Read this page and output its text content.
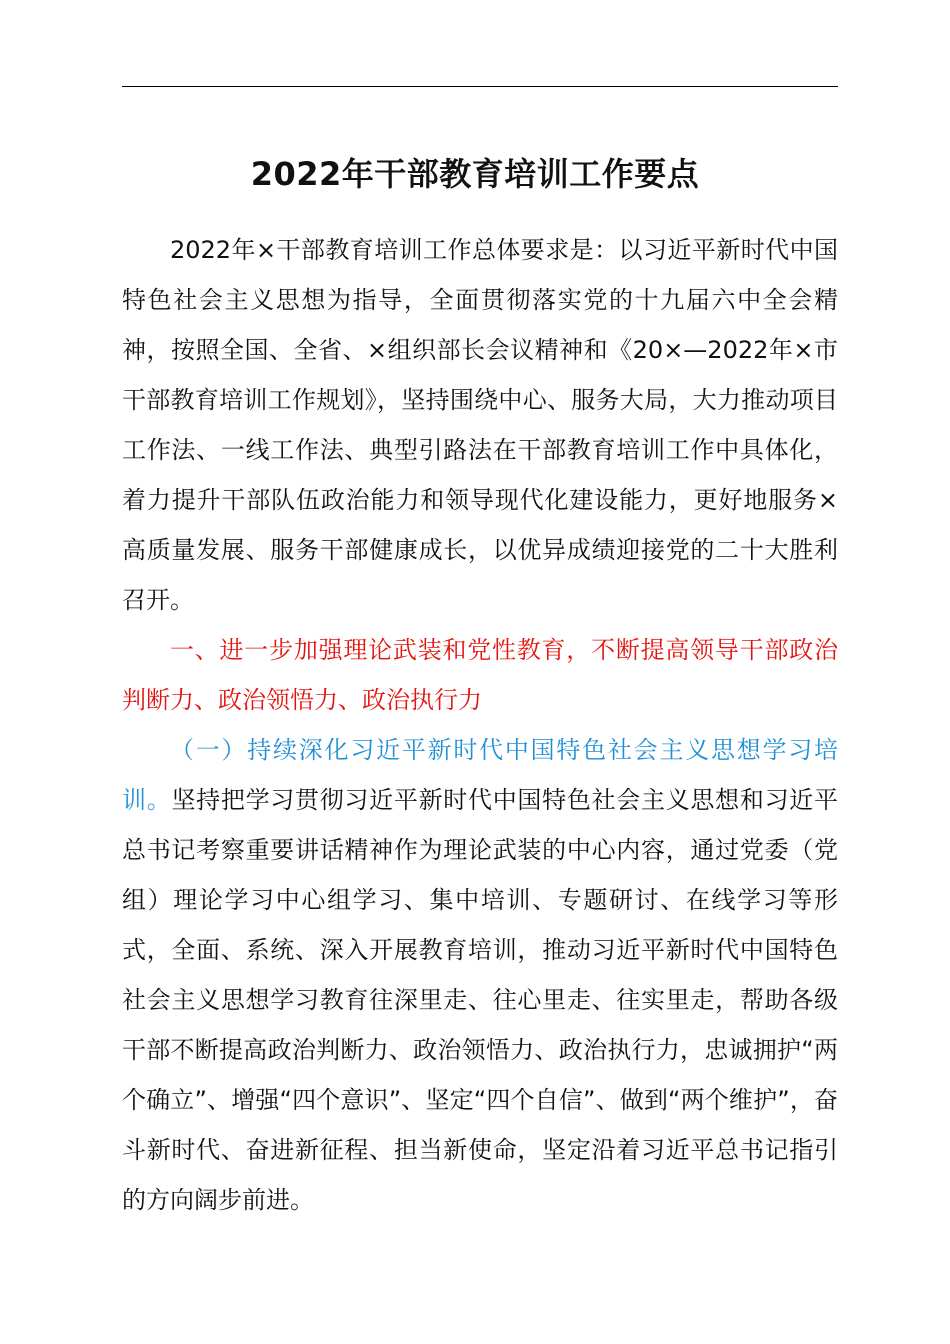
2022年干部教育培训工作要点

2022年×干部教育培训工作总体要求是：以习近平新时代中国特色社会主义思想为指导，全面贯彻落实党的十九届六中全会精神，按照全国、全省、×组织部长会议精神和《20×—2022年×市干部教育培训工作规划》，坚持围绕中心、服务大局，大力推动项目工作法、一线工作法、典型引路法在干部教育培训工作中具体化，着力提升干部队伍政治能力和领导现代化建设能力，更好地服务×高质量发展、服务干部健康成长，以优异成绩迎接党的二十大胜利召开。

一、进一步加强理论武装和党性教育，不断提高领导干部政治判断力、政治领悟力、政治执行力

（一）持续深化习近平新时代中国特色社会主义思想学习培训。坚持把学习贯彻习近平新时代中国特色社会主义思想和习近平总书记考察重要讲话精神作为理论武装的中心内容，通过党委（党组）理论学习中心组学习、集中培训、专题研讨、在线学习等形式，全面、系统、深入开展教育培训，推动习近平新时代中国特色社会主义思想学习教育往深里走、往心里走、往实里走，帮助各级干部不断提高政治判断力、政治领悟力、政治执行力，忠诚拥护“两个确立”、增强“四个意识”、坚定“四个自信”、做到“两个维护”，奋斗新时代、奋进新征程、担当新使命，坚定沿着习近平总书记指引的方向阔步前进。
